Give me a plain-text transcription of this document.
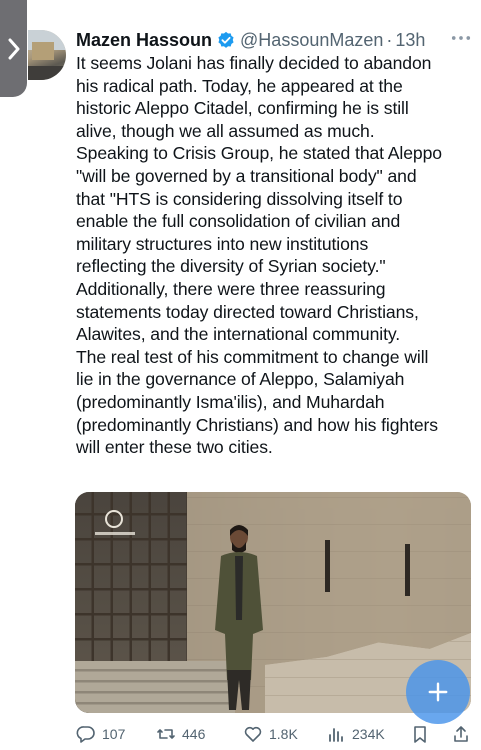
Mazen Hassoun @HassounMazen · 13h

It seems Jolani has finally decided to abandon

his radical path. Today, he appeared at the

historic Aleppo Citadel, confirming he is still

alive, though we all assumed as much.

Speaking to Crisis Group, he stated that Aleppo

"will be governed by a transitional body" and

that "HTS is considering dissolving itself to

enable the full consolidation of civilian and

military structures into new institutions

reflecting the diversity of Syrian society."

Additionally, there were three reassuring

statements today directed toward Christians,

Alawites, and the international community.

The real test of his commitment to change will

lie in the governance of Aleppo, Salamiyah

(predominantly Isma'ilis), and Muhardah

(predominantly Christians) and how his fighters

will enter these two cities.

107	446	1.8K	234K
